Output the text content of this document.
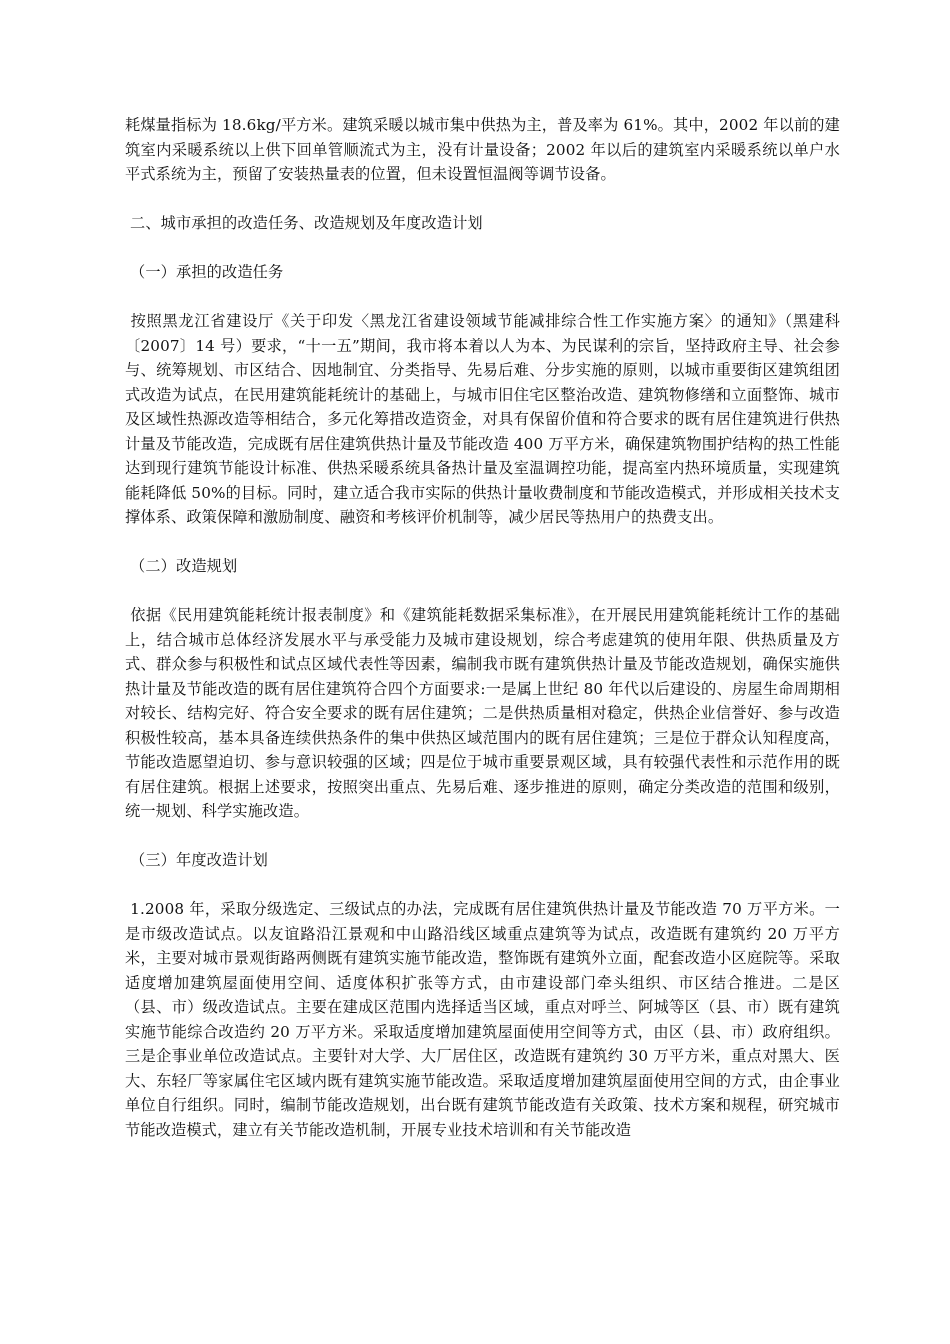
耗煤量指标为 18.6kg/平方米。建筑采暖以城市集中供热为主，普及率为 61%。其中，2002 年以前的建筑室内采暖系统以上供下回单管顺流式为主，没有计量设备；2002 年以后的建筑室内采暖系统以单户水平式系统为主，预留了安装热量表的位置，但未设置恒温阀等调节设备。

二、城市承担的改造任务、改造规划及年度改造计划

（一）承担的改造任务

按照黑龙江省建设厅《关于印发〈黑龙江省建设领域节能减排综合性工作实施方案〉的通知》（黑建科〔2007〕14 号）要求，“十一五”期间，我市将本着以人为本、为民谋利的宗旨，坚持政府主导、社会参与、统筹规划、市区结合、因地制宜、分类指导、先易后难、分步实施的原则，以城市重要街区建筑组团式改造为试点，在民用建筑能耗统计的基础上，与城市旧住宅区整治改造、建筑物修缮和立面整饰、城市及区域性热源改造等相结合，多元化筹措改造资金，对具有保留价值和符合要求的既有居住建筑进行供热计量及节能改造，完成既有居住建筑供热计量及节能改造 400 万平方米，确保建筑物围护结构的热工性能达到现行建筑节能设计标准、供热采暖系统具备热计量及室温调控功能，提高室内热环境质量，实现建筑能耗降低 50%的目标。同时，建立适合我市实际的供热计量收费制度和节能改造模式，并形成相关技术支撑体系、政策保障和激励制度、融资和考核评价机制等，减少居民等热用户的热费支出。

（二）改造规划

依据《民用建筑能耗统计报表制度》和《建筑能耗数据采集标准》，在开展民用建筑能耗统计工作的基础上，结合城市总体经济发展水平与承受能力及城市建设规划，综合考虑建筑的使用年限、供热质量及方式、群众参与积极性和试点区域代表性等因素，编制我市既有建筑供热计量及节能改造规划，确保实施供热计量及节能改造的既有居住建筑符合四个方面要求:一是属上世纪 80 年代以后建设的、房屋生命周期相对较长、结构完好、符合安全要求的既有居住建筑；二是供热质量相对稳定，供热企业信誉好、参与改造积极性较高，基本具备连续供热条件的集中供热区域范围内的既有居住建筑；三是位于群众认知程度高，节能改造愿望迫切、参与意识较强的区域；四是位于城市重要景观区域，具有较强代表性和示范作用的既有居住建筑。根据上述要求，按照突出重点、先易后难、逐步推进的原则，确定分类改造的范围和级别，统一规划、科学实施改造。

（三）年度改造计划

1.2008 年，采取分级选定、三级试点的办法，完成既有居住建筑供热计量及节能改造 70 万平方米。一是市级改造试点。以友谊路沿江景观和中山路沿线区域重点建筑等为试点，改造既有建筑约 20 万平方米，主要对城市景观街路两侧既有建筑实施节能改造，整饰既有建筑外立面，配套改造小区庭院等。采取适度增加建筑屋面使用空间、适度体积扩张等方式，由市建设部门牵头组织、市区结合推进。二是区（县、市）级改造试点。主要在建成区范围内选择适当区域，重点对呼兰、阿城等区（县、市）既有建筑实施节能综合改造约 20 万平方米。采取适度增加建筑屋面使用空间等方式，由区（县、市）政府组织。三是企事业单位改造试点。主要针对大学、大厂居住区，改造既有建筑约 30 万平方米，重点对黑大、医大、东轻厂等家属住宅区域内既有建筑实施节能改造。采取适度增加建筑屋面使用空间的方式，由企事业单位自行组织。同时，编制节能改造规划，出台既有建筑节能改造有关政策、技术方案和规程，研究城市节能改造模式，建立有关节能改造机制，开展专业技术培训和有关节能改造
